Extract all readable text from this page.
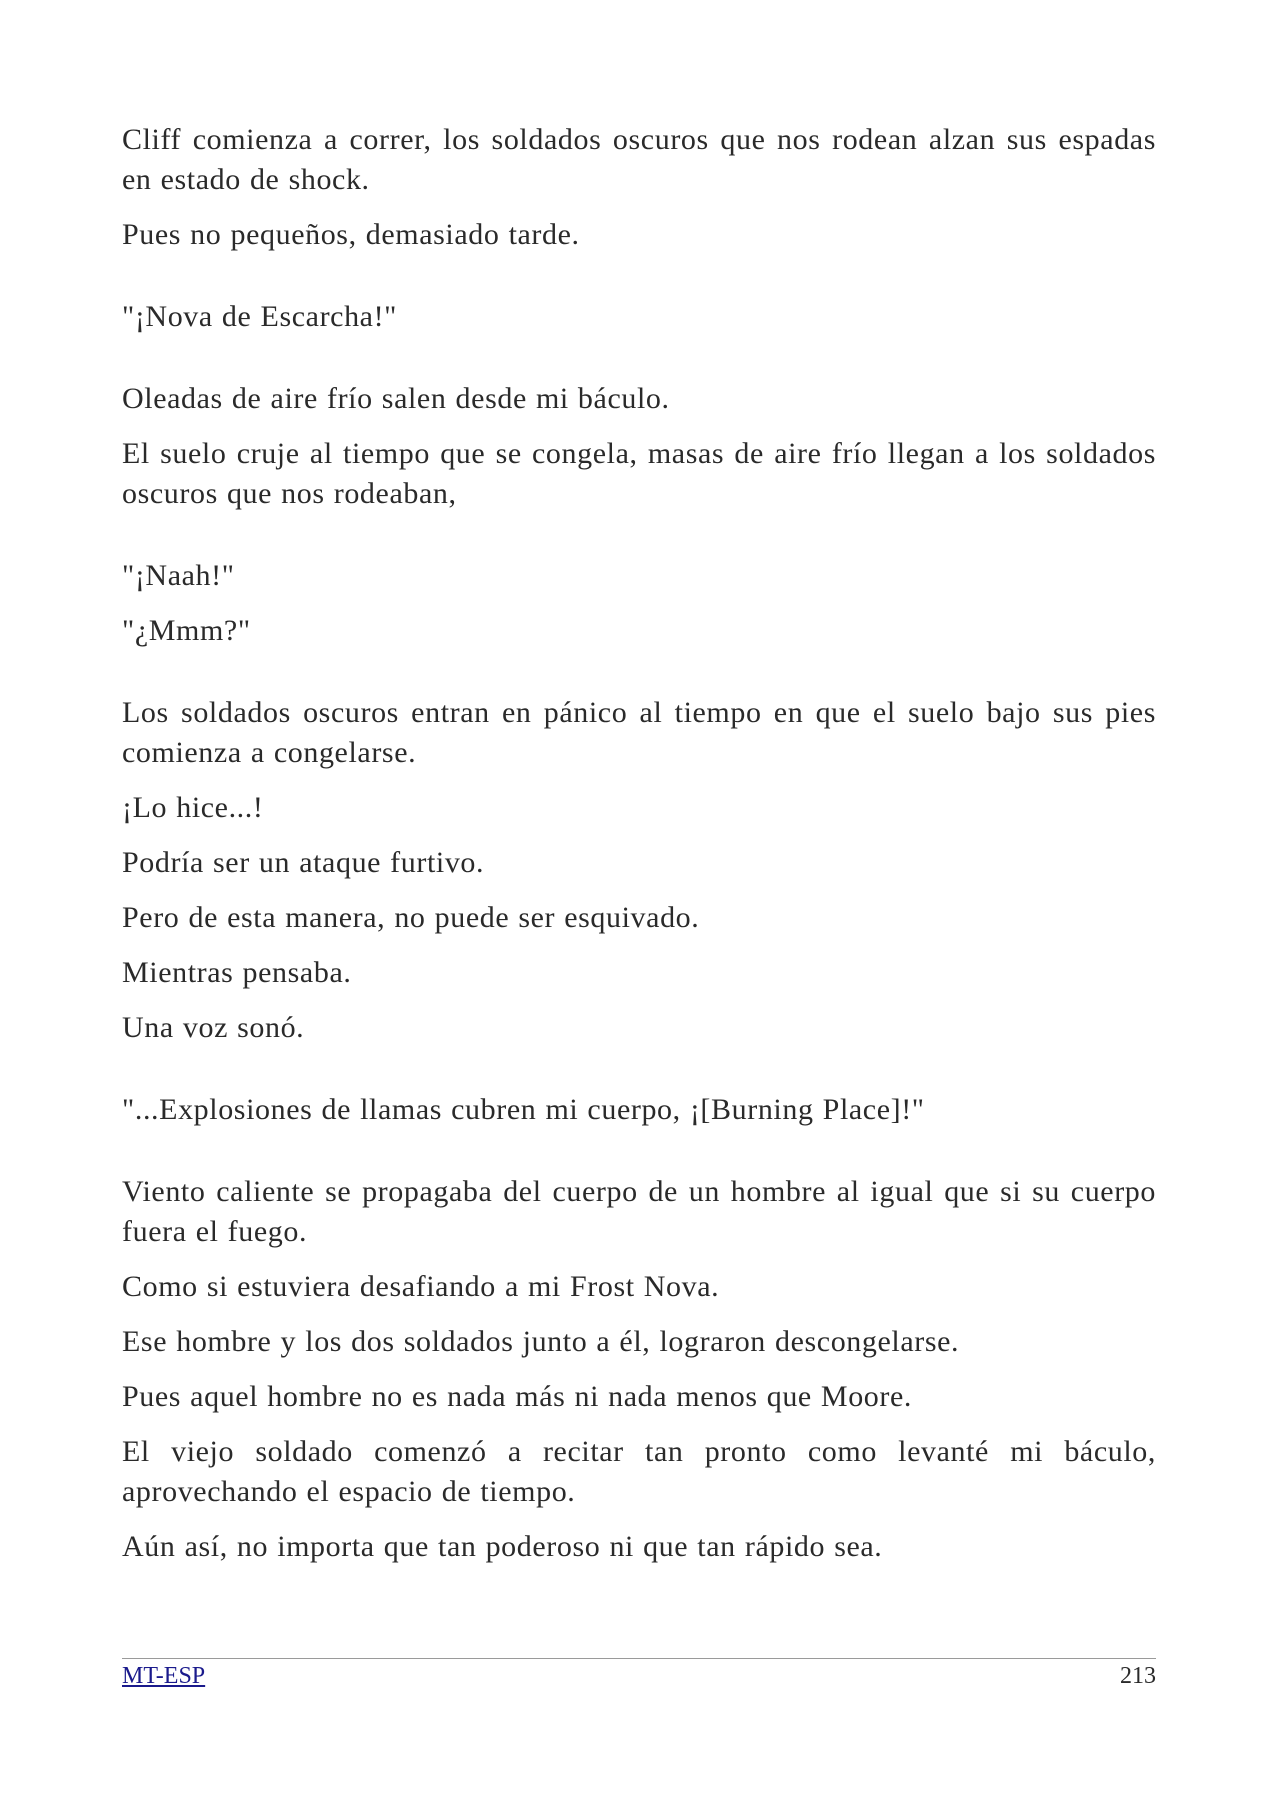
Cliff comienza a correr, los soldados oscuros que nos rodean alzan sus espadas en estado de shock.

Pues no pequeños, demasiado tarde.

"¡Nova de Escarcha!"

Oleadas de aire frío salen desde mi báculo.

El suelo cruje al tiempo que se congela, masas de aire frío llegan a los soldados oscuros que nos rodeaban,

"¡Naah!"

"¿Mmm?"

Los soldados oscuros entran en pánico al tiempo en que el suelo bajo sus pies comienza a congelarse.

¡Lo hice...!

Podría ser un ataque furtivo.

Pero de esta manera, no puede ser esquivado.

Mientras pensaba.

Una voz sonó.

"...Explosiones de llamas cubren mi cuerpo, ¡[Burning Place]!"

Viento caliente se propagaba del cuerpo de un hombre al igual que si su cuerpo fuera el fuego.

Como si estuviera desafiando a mi Frost Nova.

Ese hombre y los dos soldados junto a él, lograron descongelarse.

Pues aquel hombre no es nada más ni nada menos que Moore.

El viejo soldado comenzó a recitar tan pronto como levanté mi báculo, aprovechando el espacio de tiempo.

Aún así, no importa que tan poderoso ni que tan rápido sea.

MT-ESP	213
